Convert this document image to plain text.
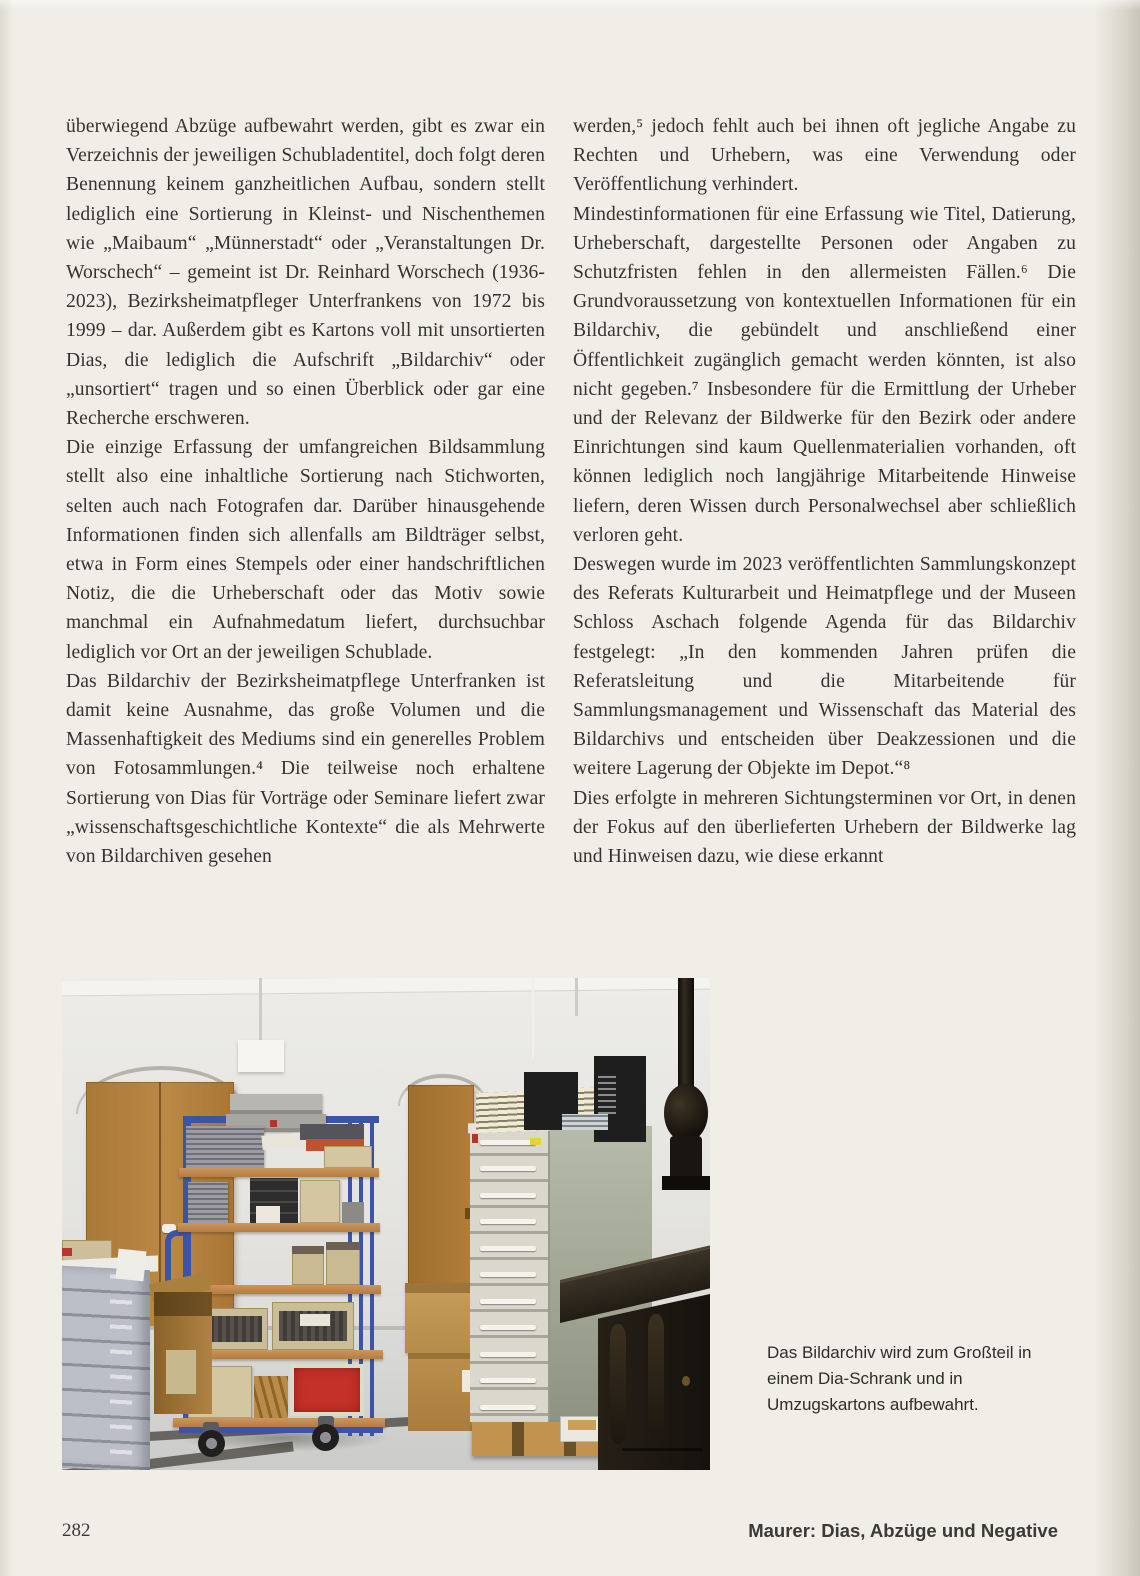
überwiegend Abzüge aufbewahrt werden, gibt es zwar ein Verzeichnis der jeweiligen Schubladentitel, doch folgt deren Benennung keinem ganzheitlichen Aufbau, sondern stellt lediglich eine Sortierung in Kleinst- und Nischenthemen wie „Maibaum“ „Münnerstadt“ oder „Veranstaltungen Dr. Worschech“ – gemeint ist Dr. Reinhard Worschech (1936-2023), Bezirksheimatpfleger Unterfrankens von 1972 bis 1999 – dar. Außerdem gibt es Kartons voll mit unsortierten Dias, die lediglich die Aufschrift „Bildarchiv“ oder „unsortiert“ tragen und so einen Überblick oder gar eine Recherche erschweren.

Die einzige Erfassung der umfangreichen Bildsammlung stellt also eine inhaltliche Sortierung nach Stichworten, selten auch nach Fotografen dar. Darüber hinausgehende Informationen finden sich allenfalls am Bildträger selbst, etwa in Form eines Stempels oder einer handschriftlichen Notiz, die die Urheberschaft oder das Motiv sowie manchmal ein Aufnahmedatum liefert, durchsuchbar lediglich vor Ort an der jeweiligen Schublade.

Das Bildarchiv der Bezirksheimatpflege Unterfranken ist damit keine Ausnahme, das große Volumen und die Massenhaftigkeit des Mediums sind ein generelles Problem von Fotosammlungen.⁴ Die teilweise noch erhaltene Sortierung von Dias für Vorträge oder Seminare liefert zwar „wissenschaftsgeschichtliche Kontexte“ die als Mehrwerte von Bildarchiven gesehen

werden,⁵ jedoch fehlt auch bei ihnen oft jegliche Angabe zu Rechten und Urhebern, was eine Verwendung oder Veröffentlichung verhindert.

Mindestinformationen für eine Erfassung wie Titel, Datierung, Urheberschaft, dargestellte Personen oder Angaben zu Schutzfristen fehlen in den allermeisten Fällen.⁶ Die Grundvoraussetzung von kontextuellen Informationen für ein Bildarchiv, die gebündelt und anschließend einer Öffentlichkeit zugänglich gemacht werden könnten, ist also nicht gegeben.⁷ Insbesondere für die Ermittlung der Urheber und der Relevanz der Bildwerke für den Bezirk oder andere Einrichtungen sind kaum Quellenmaterialien vorhanden, oft können lediglich noch langjährige Mitarbeitende Hinweise liefern, deren Wissen durch Personalwechsel aber schließlich verloren geht.

Deswegen wurde im 2023 veröffentlichten Sammlungskonzept des Referats Kulturarbeit und Heimatpflege und der Museen Schloss Aschach folgende Agenda für das Bildarchiv festgelegt: „In den kommenden Jahren prüfen die Referatsleitung und die Mitarbeitende für Sammlungsmanagement und Wissenschaft das Material des Bildarchivs und entscheiden über Deakzessionen und die weitere Lagerung der Objekte im Depot.“⁸

Dies erfolgte in mehreren Sichtungsterminen vor Ort, in denen der Fokus auf den überlieferten Urhebern der Bildwerke lag und Hinweisen dazu, wie diese erkannt

Das Bildarchiv wird zum Großteil in einem Dia-Schrank und in Umzugskartons aufbewahrt.
282	Maurer: Dias, Abzüge und Negative
